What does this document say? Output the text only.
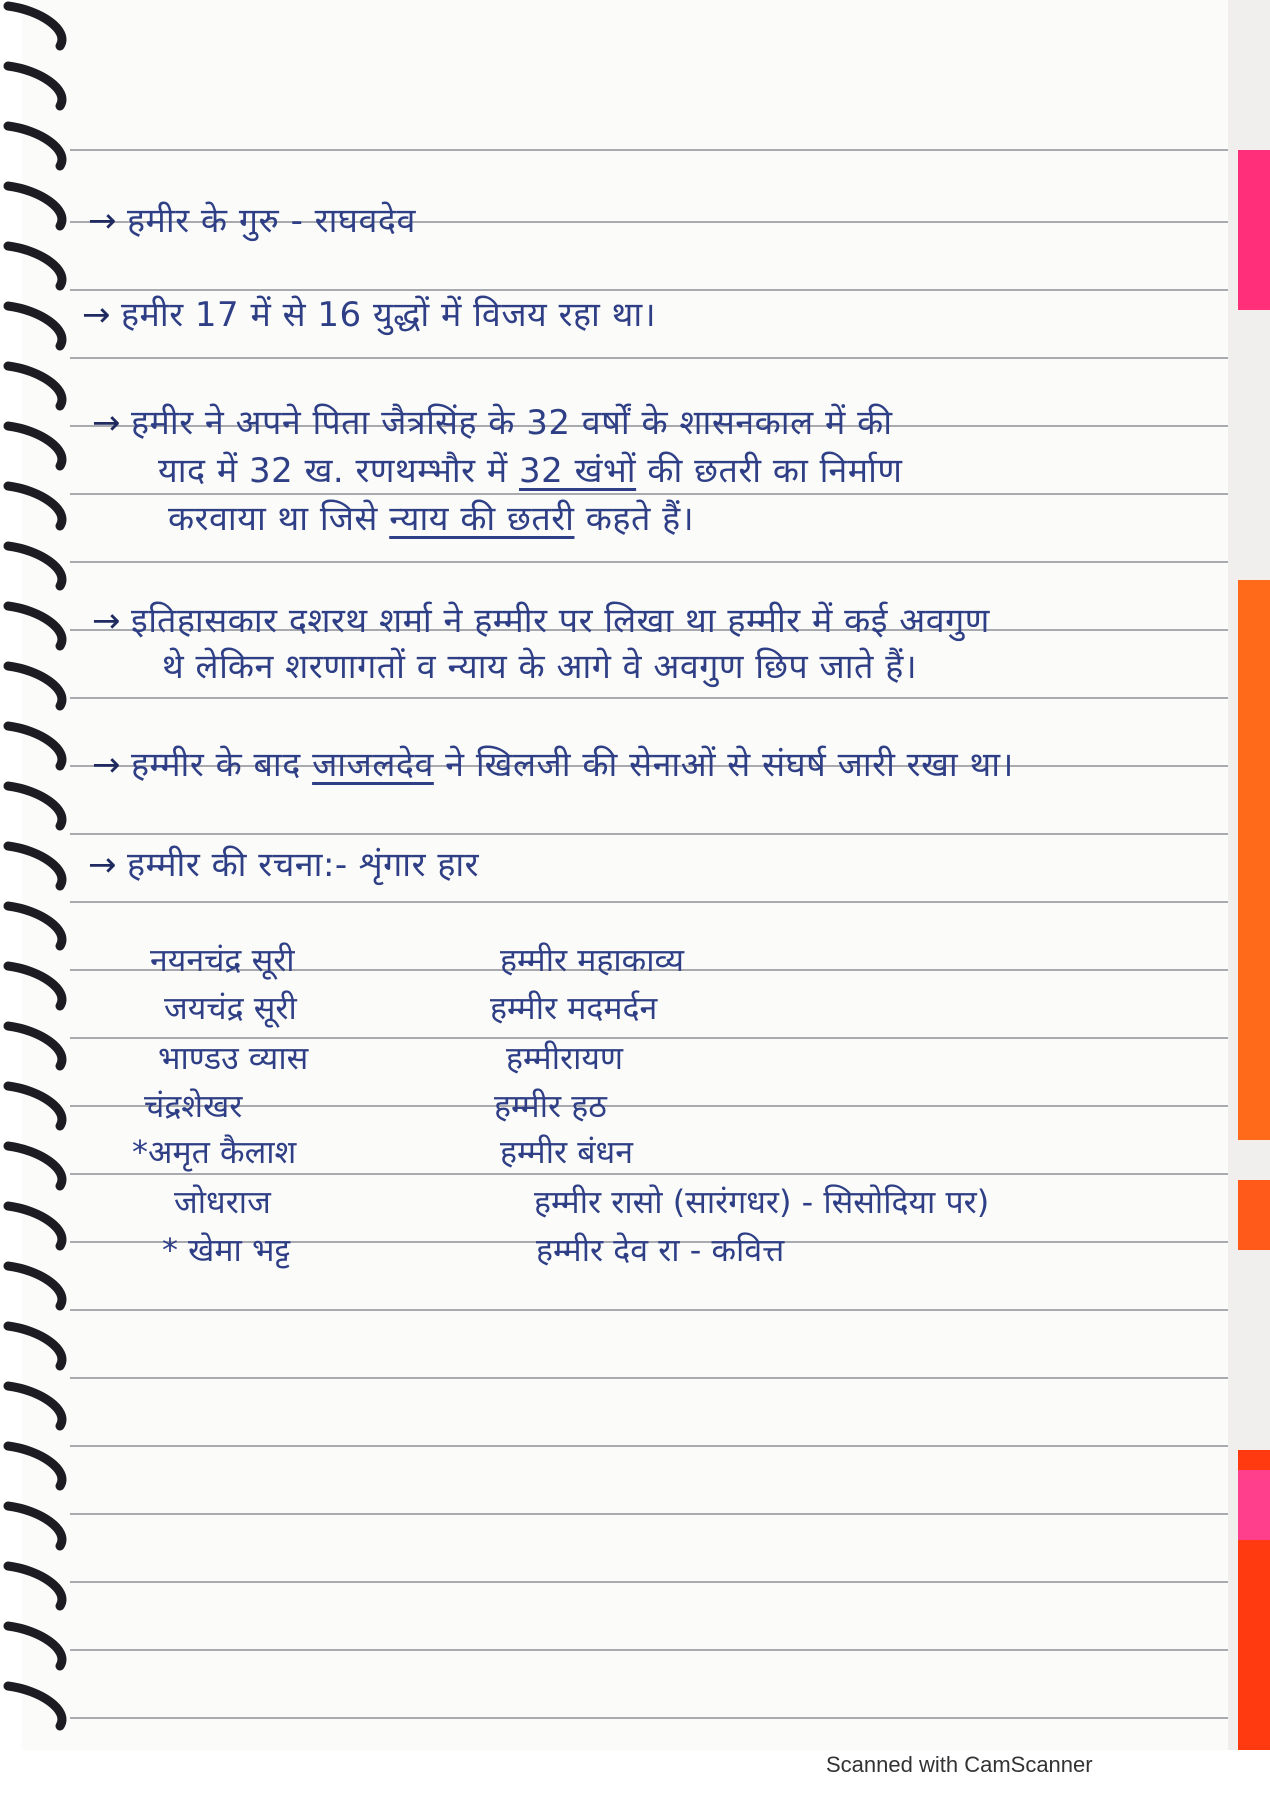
→ हमीर के गुरु - राघवदेव
→ हमीर 17 में से 16 युद्धों में विजय रहा था।
→ हमीर ने अपने पिता जैत्रसिंह के 32 वर्षों के शासनकाल में की
याद में 32 ख. रणथम्भौर में 32 खंभों की छतरी का निर्माण
करवाया था जिसे न्याय की छतरी कहते हैं।
→ इतिहासकार दशरथ शर्मा ने हम्मीर पर लिखा था हम्मीर में कई अवगुण
थे लेकिन शरणागतों व न्याय के आगे वे अवगुण छिप जाते हैं।
→ हम्मीर के बाद जाजलदेव ने खिलजी की सेनाओं से संघर्ष जारी रखा था।
→ हम्मीर की रचना:- शृंगार हार
नयनचंद्र सूरी	हम्मीर महाकाव्य
जयचंद्र सूरी	हम्मीर मदमर्दन
भाण्डउ व्यास	हम्मीरायण
चंद्रशेखर	हम्मीर हठ
*अमृत कैलाश	हम्मीर बंधन
जोधराज	हम्मीर रासो (सारंगधर) - सिसोदिया पर)
* खेमा भट्ट	हम्मीर देव रा - कवित्त
Scanned with CamScanner
